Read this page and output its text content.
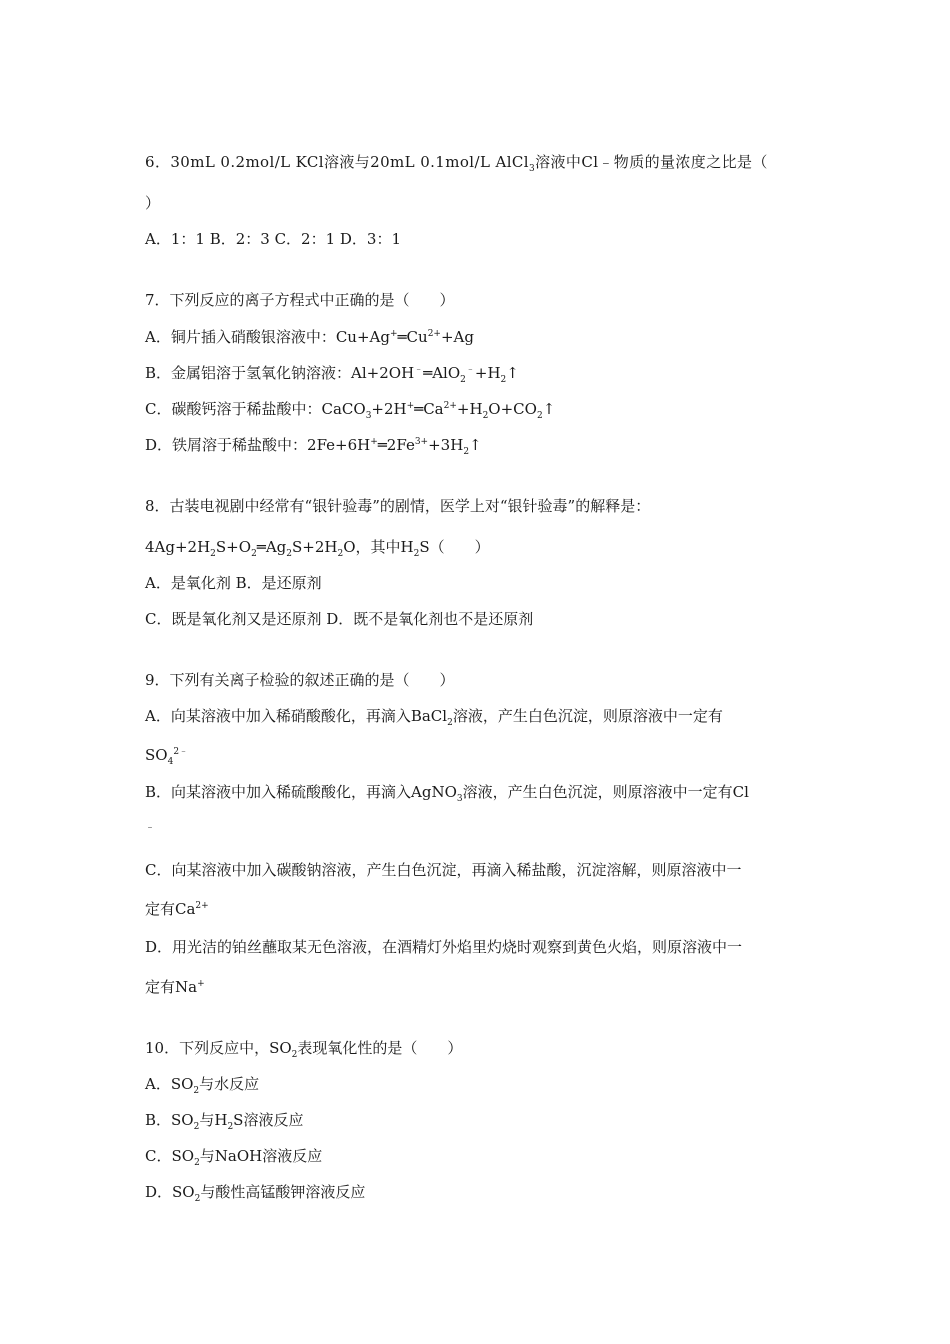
6．30mL 0.2mol/L KCl溶液与20mL 0.1mol/L AlCl$_3$溶液中Cl﹣物质的量浓度之比是（
）
A．1：1 B．2：3 C．2：1 D．3：1
7．下列反应的离子方程式中正确的是（　　）
A．铜片插入硝酸银溶液中：$Cu+Ag^+═Cu^{2+}+Ag$
B．金属铝溶于氢氧化钠溶液：$Al+2OH^﹣═AlO_2^﹣+H_2↑$
C．碳酸钙溶于稀盐酸中：$CaCO_3+2H^+═Ca^{2+}+H_2O+CO_2↑$
D．铁屑溶于稀盐酸中：$2Fe+6H^+═2Fe^{3+}+3H_2↑$
8．古装电视剧中经常有“银针验毒”的剧情，医学上对“银针验毒”的解释是：
$4Ag+2H_2S+O_2═Ag_2S+2H_2O$，其中$H_2S$（　　）
A．是氧化剂 B．是还原剂
C．既是氧化剂又是还原剂 D．既不是氧化剂也不是还原剂
9．下列有关离子检验的叙述正确的是（　　）
A．向某溶液中加入稀硝酸酸化，再滴入BaCl$_2$溶液，产生白色沉淀，则原溶液中一定有
$SO_4^{2﹣}$
B．向某溶液中加入稀硫酸酸化，再滴入AgNO$_3$溶液，产生白色沉淀，则原溶液中一定有Cl
﹣
C．向某溶液中加入碳酸钠溶液，产生白色沉淀，再滴入稀盐酸，沉淀溶解，则原溶液中一
定有$Ca^{2+}$
D．用光洁的铂丝蘸取某无色溶液，在酒精灯外焰里灼烧时观察到黄色火焰，则原溶液中一
定有Na+
10．下列反应中，$SO_2$表现氧化性的是（　　）
A．$SO_2$与水反应
B．$SO_2$与$H_2S$溶液反应
C．$SO_2$与NaOH溶液反应
D．$SO_2$与酸性高锰酸钾溶液反应
